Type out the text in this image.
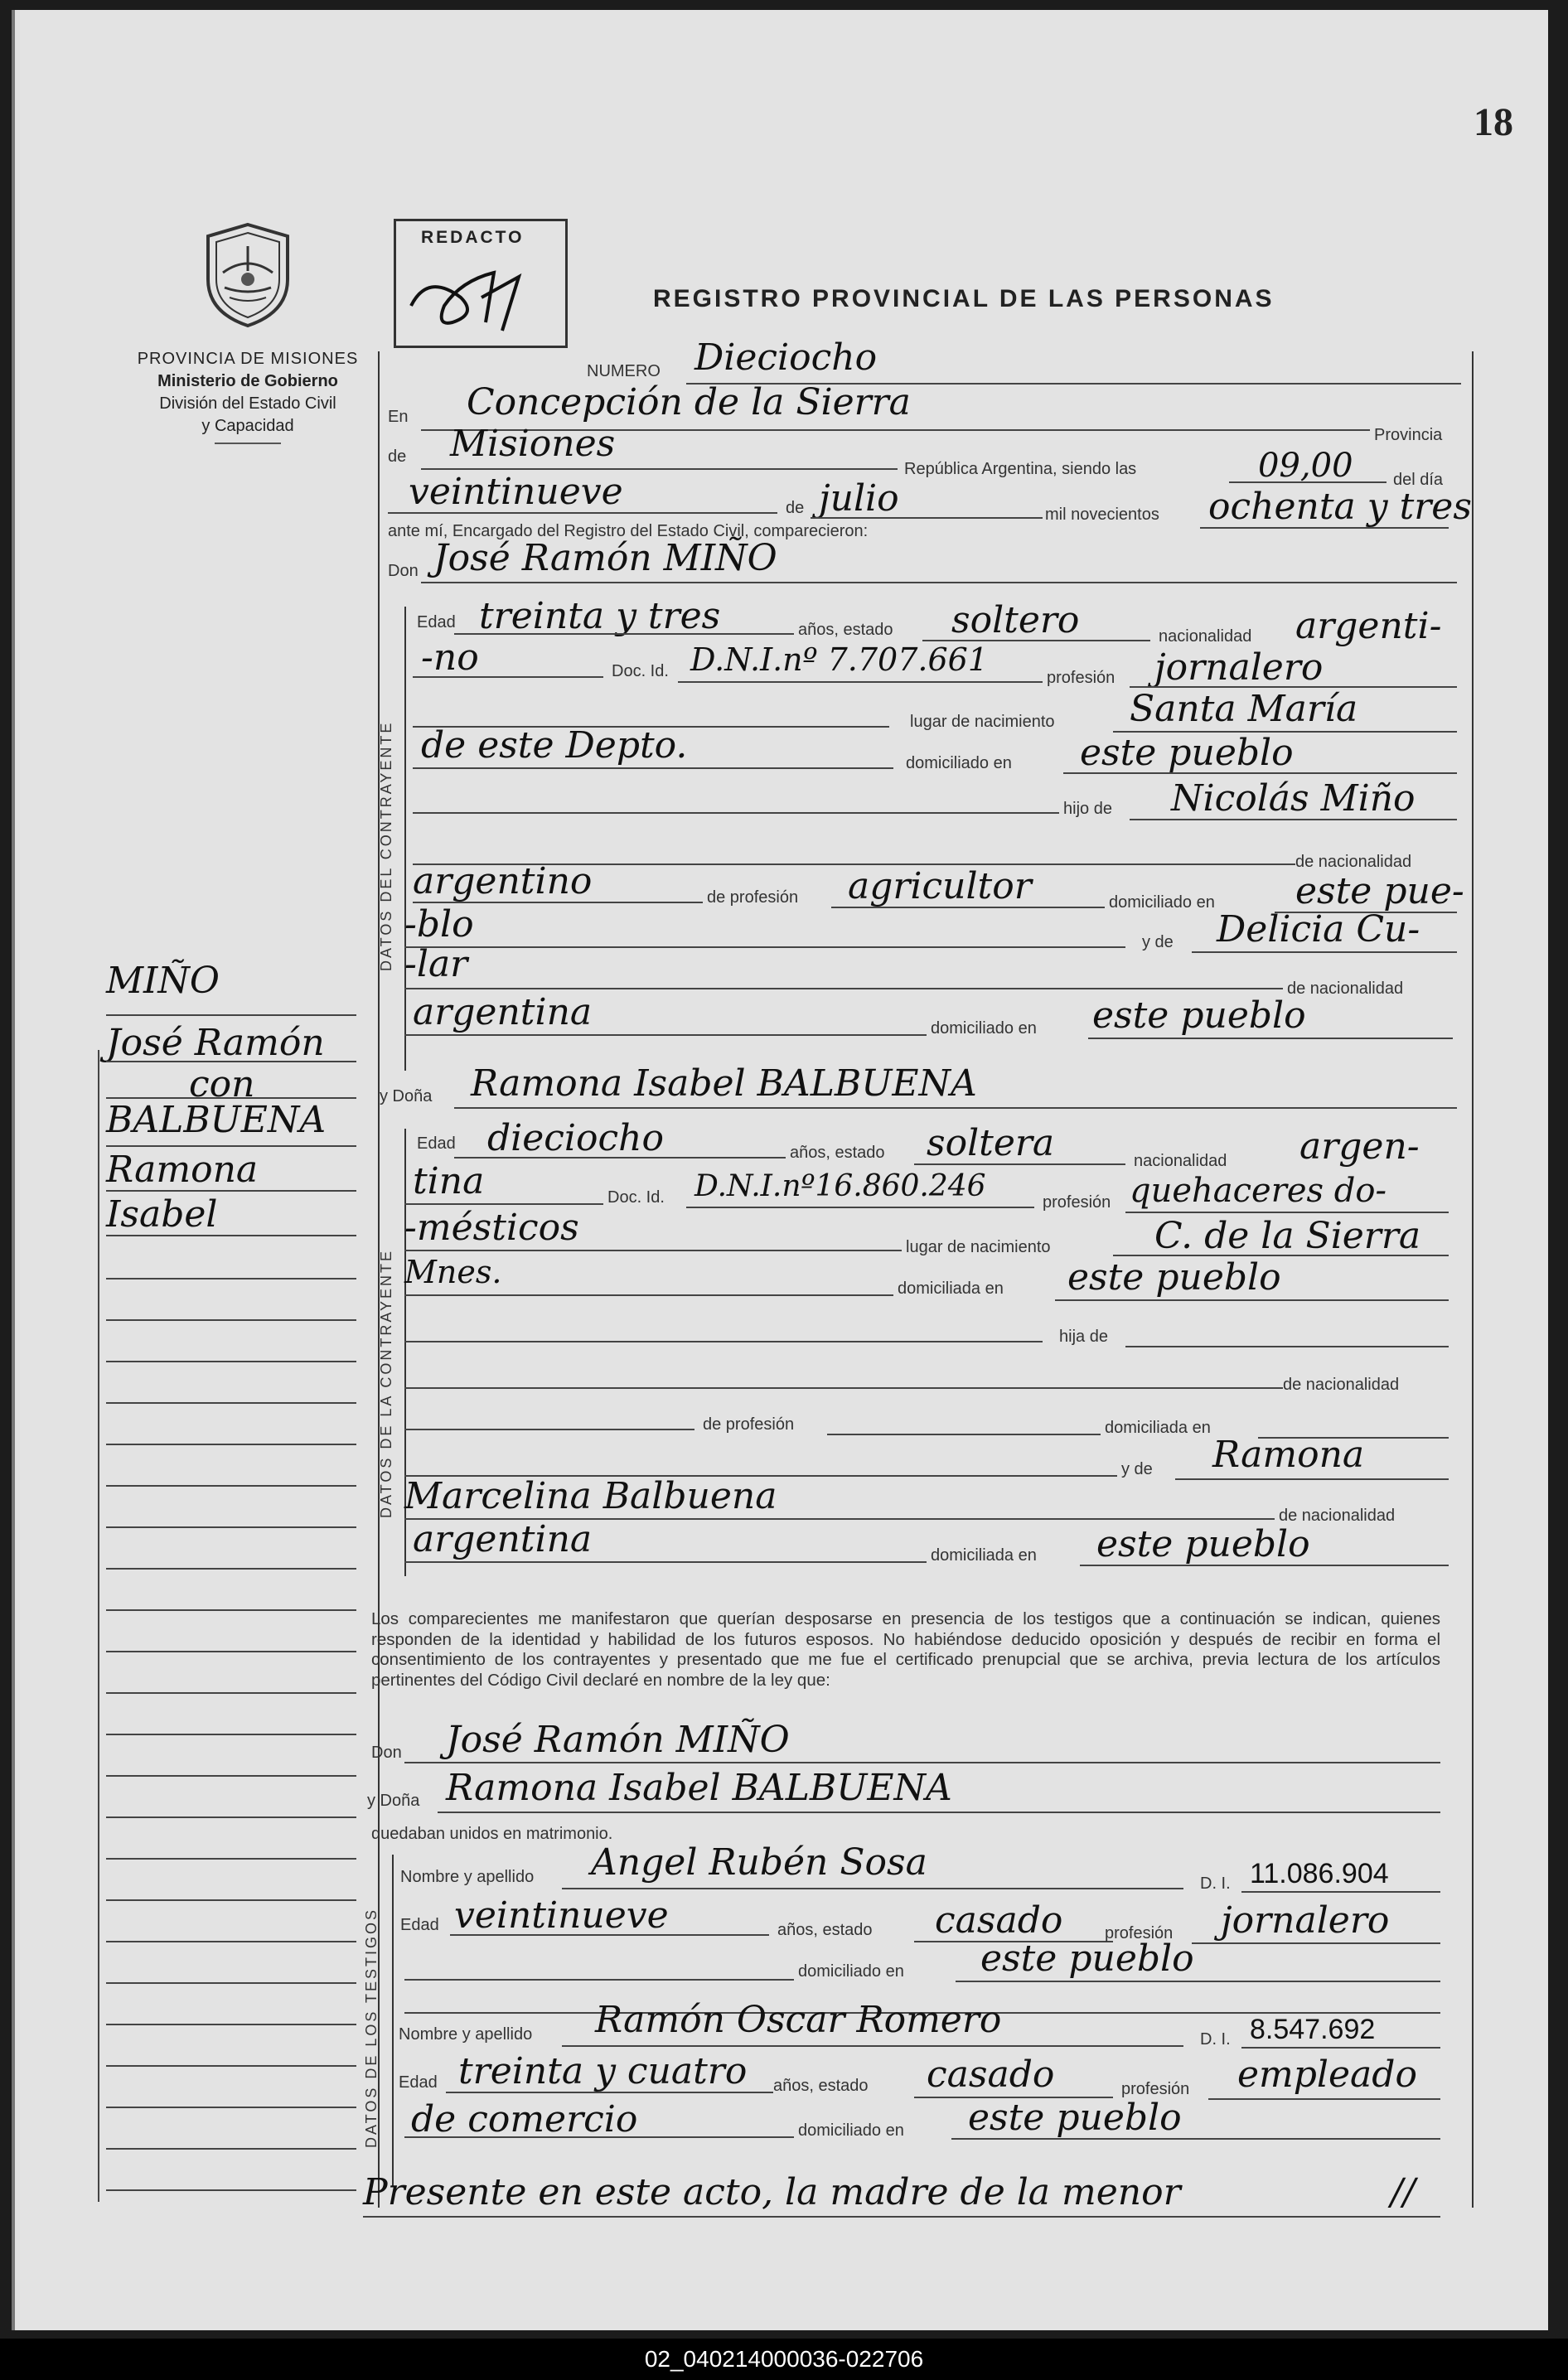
18
PROVINCIA DE MISIONES
Ministerio de Gobierno
División del Estado Civil
y Capacidad
REDACTO
REGISTRO PROVINCIAL DE LAS PERSONAS
NUMERO Dieciocho
En Concepción de la Sierra
Provincia
de Misiones
República Argentina, siendo las	09,00 del día
veintinueve	de julio	mil novecientos ochenta y tres
ante mí, Encargado del Registro del Estado Civil, comparecieron:
Don José Ramón MIÑO
DATOS DEL CONTRAYENTE
Edad treinta y tres	años, estado soltero	nacionalidad argenti-
-no	Doc. Id. D.N.I.nº 7.707.661	profesión jornalero
lugar de nacimiento Santa María
de este Depto.	domiciliado en este pueblo
hijo de Nicolás Miño
de nacionalidad
argentino	de profesión agricultor	domiciliado en este pue-
-blo	y de Delicia Cu-
-lar
de nacionalidad
argentina	domiciliado en este pueblo
y Doña Ramona Isabel BALBUENA
DATOS DE LA CONTRAYENTE
Edad dieciocho	años, estado soltera	nacionalidad argen-
tina	Doc. Id. D.N.I.nº16.860.246	profesión quehaceres do-
-mésticos	lugar de nacimiento	C. de la Sierra
Mnes.	domiciliada en este pueblo
hija de
de nacionalidad
de profesión	domiciliada en
y de Ramona
Marcelina Balbuena	de nacionalidad
argentina	domiciliada en este pueblo
Los comparecientes me manifestaron que querían desposarse en presencia de los testigos que a continuación se indican, quienes responden de la identidad y habilidad de los futuros esposos. No habiéndose deducido oposición y después de recibir en forma el consentimiento de los contrayentes y presentado que me fue el certificado prenupcial que se archiva, previa lectura de los artículos pertinentes del Código Civil declaré en nombre de la ley que:
Don José Ramón MIÑO
y Doña Ramona Isabel BALBUENA
quedaban unidos en matrimonio.
DATOS DE LOS TESTIGOS
Nombre y apellido Angel Rubén Sosa	D. I. 11.086.904
Edad veintinueve	años, estado casado	profesión jornalero
domiciliado en este pueblo
Nombre y apellido Ramón Oscar Romero	D. I. 8.547.692
Edad treinta y cuatro años, estado casado	profesión empleado
de comercio	domiciliado en este pueblo
Presente en este acto, la madre de la menor	//
MIÑO
José Ramón
con
BALBUENA
Ramona
Isabel
02_040214000036-022706
